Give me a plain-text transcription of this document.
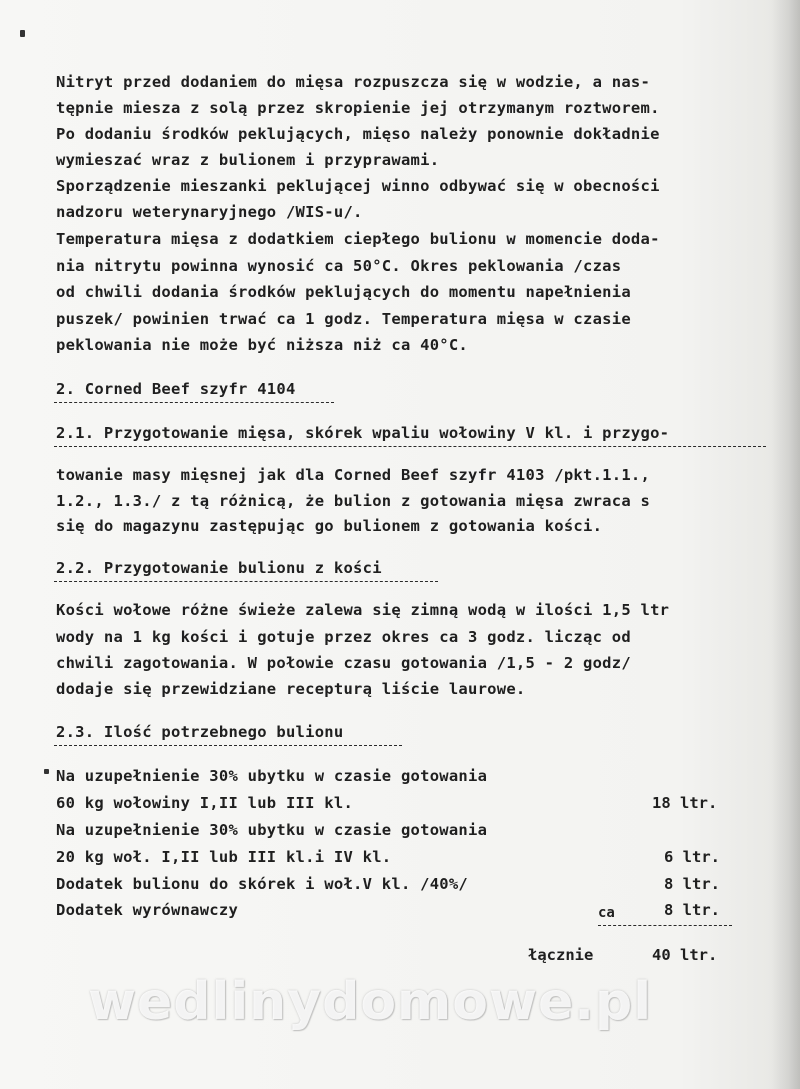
Nitryt przed dodaniem do mięsa rozpuszcza się w wodzie, a nas-
tępnie miesza z solą przez skropienie jej otrzymanym roztworem.
Po dodaniu środków peklujących, mięso należy ponownie dokładnie
wymieszać wraz z bulionem i przyprawami.
Sporządzenie mieszanki peklującej winno odbywać się w obecności
nadzoru weterynaryjnego /WIS-u/.
Temperatura mięsa z dodatkiem ciepłego bulionu w momencie doda-
nia nitrytu powinna wynosić ca 50°C. Okres peklowania /czas
od chwili dodania środków peklujących do momentu napełnienia
puszek/ powinien trwać ca 1 godz. Temperatura mięsa w czasie
peklowania nie może być niższa niż ca 40°C.
2. Corned Beef szyfr 4104
2.1. Przygotowanie mięsa, skórek wpaliu wołowiny V kl. i przygo-
towanie masy mięsnej jak dla Corned Beef szyfr 4103 /pkt.1.1.,
1.2., 1.3./ z tą różnicą, że bulion z gotowania mięsa zwraca s
się do magazynu zastępując go bulionem z gotowania kości.
2.2. Przygotowanie bulionu z kości
Kości wołowe różne świeże zalewa się zimną wodą w ilości 1,5 ltr
wody na 1 kg kości i gotuje przez okres ca 3 godz. licząc od
chwili zagotowania. W połowie czasu gotowania /1,5 - 2 godz/
dodaje się przewidziane recepturą liście laurowe.
2.3. Ilość potrzebnego bulionu
Na uzupełnienie 30% ubytku w czasie gotowania
60 kg wołowiny I,II lub III kl.	18 ltr.
Na uzupełnienie 30% ubytku w czasie gotowania
20 kg woł. I,II lub III kl.i IV kl.	6 ltr.
Dodatek bulionu do skórek i woł.V kl. /40%/	8 ltr.
Dodatek wyrównawczy	ca	8 ltr.
łącznie	40 ltr.
wedlinydomowe.pl
